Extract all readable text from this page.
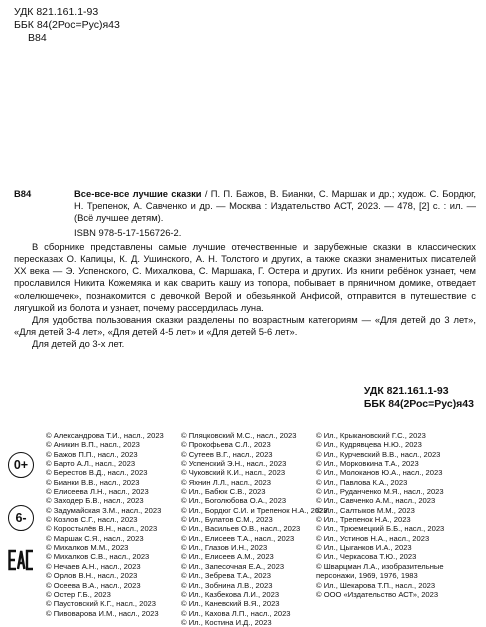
УДК 821.161.1-93
ББК 84(2Рос=Рус)я43
В84
В84	Все-все-все лучшие сказки / П. П. Бажов, В. Бианки, С. Маршак и др.; худож. С. Бордюг, Н. Трепенок, А. Савченко и др. — Москва : Издательство АСТ, 2023. — 478, [2] с. : ил. — (Всё лучшее детям).

ISBN 978-5-17-156726-2.

В сборнике представлены самые лучшие отечественные и зарубежные сказки в классических пересказах О. Капицы, К. Д. Ушинского, А. Н. Толстого и других, а также сказки знаменитых писателей XX века — Э. Успенского, С. Михалкова, С. Маршака, Г. Остера и других. Из книги ребёнок узнает, чем прославился Никита Кожемяка и как сварить кашу из топора, побывает в пряничном домике, отведает «олелюшечек», познакомится с девочкой Верой и обезьянкой Анфисой, отправится в путешествие с лягушкой из болота и узнает, почему рассердилась луна.

Для удобства пользования сказки разделены по возрастным категориям — «Для детей до 3 лет», «Для детей 3-4 лет», «Для детей 4-5 лет» и «Для детей 5-6 лет».

Для детей до 3-х лет.

УДК 821.161.1-93
ББК 84(2Рос=Рус)я43
0+
6-
© Александрова Т.И., насл., 2023
© Аникин В.П., насл., 2023
© Бажов П.П., насл., 2023
© Барто А.Л., насл., 2023
© Берестов В.Д., насл., 2023
© Бианки В.В., насл., 2023
© Елисеева Л.Н., насл., 2023
© Заходер Б.В., насл., 2023
© Задумайская З.М., насл., 2023
© Козлов С.Г., насл., 2023
© Коростылёв В.Н., насл., 2023
© Маршак С.Я., насл., 2023
© Михалков М.М., 2023
© Михалков С.В., насл., 2023
© Нечаев А.Н., насл., 2023
© Орлов В.Н., насл., 2023
© Осеева В.А., насл., 2023
© Остер Г.Б., 2023
© Паустовский К.Г., насл., 2023
© Пивоварова И.М., насл., 2023
© Пляцковский М.С., насл., 2023
© Прокофьева С.Л., 2023
© Сутеев В.Г., насл., 2023
© Успенский Э.Н., насл., 2023
© Чуковский К.И., насл., 2023
© Яхнин Л.Л., насл., 2023
© Ил., Бабюк С.В., 2023
© Ил., Боголюбова О.А., 2023
© Ил., Бордюг С.И. и Трепенок Н.А., 2023
© Ил., Булатов С.М., 2023
© Ил., Васильев О.В., насл., 2023
© Ил., Елисеев Т.А., насл., 2023
© Ил., Глазов И.Н., 2023
© Ил., Елисеев А.М., 2023
© Ил., Запесочная Е.А., 2023
© Ил., Зебрева Т.А., 2023
© Ил., Зобнина Л.В., 2023
© Ил., Казбекова Л.И., 2023
© Ил., Каневский В.Я., 2023
© Ил., Кахова Л.П., насл., 2023
© Ил., Костина И.Д., 2023
© Ил., Крыкановский Г.С., 2023
© Ил., Кудрявцева Н.Ю., 2023
© Ил., Курчевский В.В., насл., 2023
© Ил., Морковкина Т.А., 2023
© Ил., Молоканов Ю.А., насл., 2023
© Ил., Павлова К.А., 2023
© Ил., Руданченко М.Я., насл., 2023
© Ил., Савченко А.М., насл., 2023
© Ил., Салтыков М.М., 2023
© Ил., Трепенок Н.А., 2023
© Ил., Трюемецкий Б.Б., насл., 2023
© Ил., Устинов Н.А., насл., 2023
© Ил., Цыганков И.А., 2023
© Ил., Черкасова Т.Ю., 2023
© Шварцман Л.А., изобразительные
персонажи, 1969, 1976, 1983
© Ил., Шекарова Т.П., насл., 2023
© ООО «Издательство АСТ», 2023
